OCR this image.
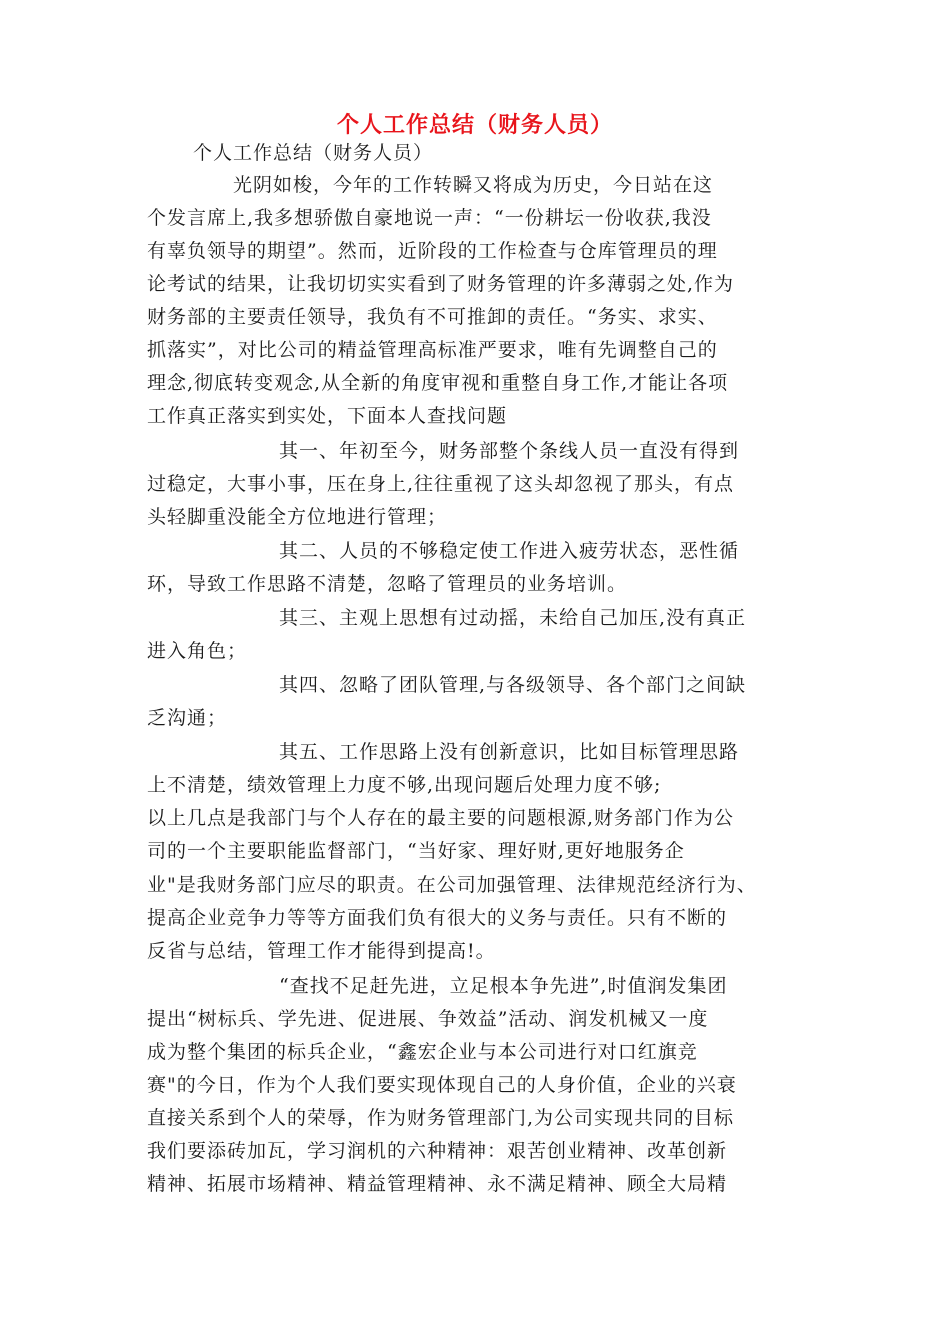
个人工作总结（财务人员）
个人工作总结（财务人员）
光阴如梭，今年的工作转瞬又将成为历史，今日站在这
个发言席上,我多想骄傲自豪地说一声：“一份耕坛一份收获,我没
有辜负领导的期望”。然而，近阶段的工作检查与仓库管理员的理
论考试的结果，让我切切实实看到了财务管理的许多薄弱之处,作为
财务部的主要责任领导，我负有不可推卸的责任。“务实、求实、
抓落实”，对比公司的精益管理高标准严要求，唯有先调整自己的
理念,彻底转变观念,从全新的角度审视和重整自身工作,才能让各项
工作真正落实到实处，下面本人查找问题
其一、年初至今，财务部整个条线人员一直没有得到
过稳定，大事小事，压在身上,往往重视了这头却忽视了那头，有点
头轻脚重没能全方位地进行管理；
其二、人员的不够稳定使工作进入疲劳状态，恶性循
环，导致工作思路不清楚，忽略了管理员的业务培训。
其三、主观上思想有过动摇，未给自己加压,没有真正
进入角色；
其四、忽略了团队管理,与各级领导、各个部门之间缺
乏沟通；
其五、工作思路上没有创新意识，比如目标管理思路
上不清楚，绩效管理上力度不够,出现问题后处理力度不够;
以上几点是我部门与个人存在的最主要的问题根源,财务部门作为公
司的一个主要职能监督部门，“当好家、理好财,更好地服务企
业"是我财务部门应尽的职责。在公司加强管理、法律规范经济行为、
提高企业竞争力等等方面我们负有很大的义务与责任。只有不断的
反省与总结，管理工作才能得到提高!。
“查找不足赶先进，立足根本争先进”,时值润发集团
提出“树标兵、学先进、促进展、争效益”活动、润发机械又一度
成为整个集团的标兵企业，“鑫宏企业与本公司进行对口红旗竞
赛"的今日，作为个人我们要实现体现自己的人身价值，企业的兴衰
直接关系到个人的荣辱，作为财务管理部门,为公司实现共同的目标
我们要添砖加瓦，学习润机的六种精神：艰苦创业精神、改革创新
精神、拓展市场精神、精益管理精神、永不满足精神、顾全大局精
